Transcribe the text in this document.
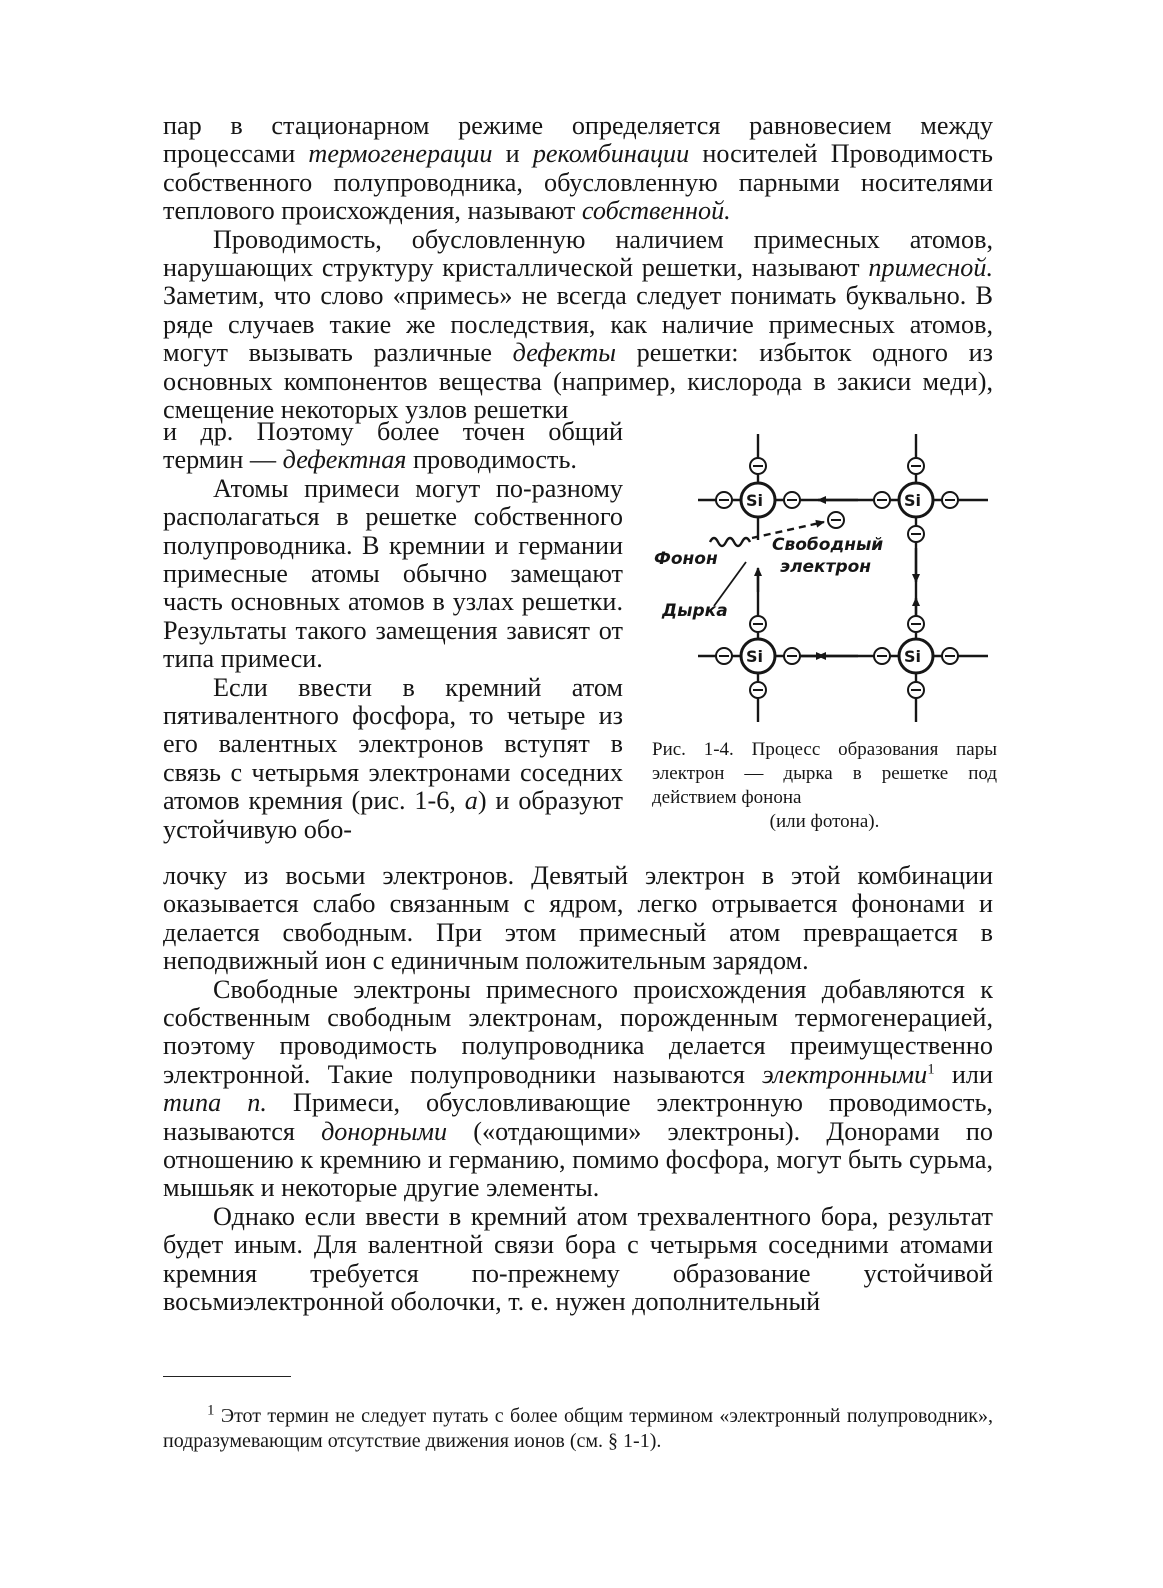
пар в стационарном режиме определяется равновесием между процессами термогенерации и рекомбинации носителей Проводимость собственного полупроводника, обусловленную парными носителями теплового происхождения, называют собственной.

Проводимость, обусловленную наличием примесных атомов, нарушающих структуру кристаллической решетки, называют примесной. Заметим, что слово «примесь» не всегда следует понимать буквально. В ряде случаев такие же последствия, как наличие примесных атомов, могут вызывать различные дефекты решетки: избыток одного из основных компонентов вещества (например, кислорода в закиси меди), смещение некоторых узлов решетки

и др. Поэтому более точен общий термин — дефектная проводимость.

Атомы примеси могут по-разному располагаться в решетке собственного полупроводника. В кремнии и германии примесные атомы обычно замещают часть основных атомов в узлах решетки. Результаты такого замещения зависят от типа примеси.

Если ввести в кремний атом пятивалентного фосфора, то четыре из его валентных электронов вступят в связь с четырьмя электронами соседних атомов кремния (рис. 1-6, а) и образуют устойчивую обо-

Si	Si
Si	Si
Фонон
Свободный
электрон
Дырка

Рис. 1-4. Процесс образования пары электрон — дырка в решетке под действием фонона
(или фотона).

лочку из восьми электронов. Девятый электрон в этой комбинации оказывается слабо связанным с ядром, легко отрывается фононами и делается свободным. При этом примесный атом превращается в неподвижный ион с единичным положительным зарядом.

Свободные электроны примесного происхождения добавляются к собственным свободным электронам, порожденным термогенерацией, поэтому проводимость полупроводника делается преимущественно электронной. Такие полупроводники называются электронными$^1$ или типа n. Примеси, обусловливающие электронную проводимость, называются донорными («отдающими» электроны). Донорами по отношению к кремнию и германию, помимо фосфора, могут быть сурьма, мышьяк и некоторые другие элементы.

Однако если ввести в кремний атом трехвалентного бора, результат будет иным. Для валентной связи бора с четырьмя соседними атомами кремния требуется по-прежнему образование устойчивой восьмиэлектронной оболочки, т. е. нужен дополнительный

$^1$ Этот термин не следует путать с более общим термином «электронный полупроводник», подразумевающим отсутствие движения ионов (см. § 1-1).
